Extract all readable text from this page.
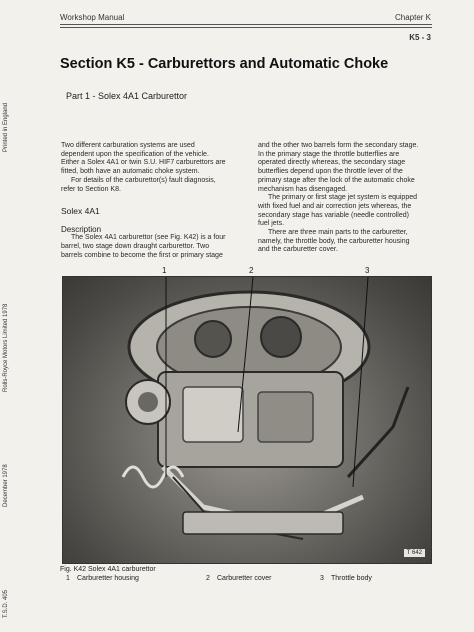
Workshop Manual	Chapter K
K5 - 3
Section K5 - Carburettors and Automatic Choke
Part 1 - Solex 4A1 Carburettor
Printed in England
Rolls-Royce Motors Limited 1978
December 1978
T.S.D. 405

Two different carburation systems are used
dependent upon the specification of the vehicle.
Either a Solex 4A1 or twin S.U. HIF7 carburettors are
fitted, both have an automatic choke system.

For details of the carburettor(s) fault diagnosis,
refer to Section K8.

Solex 4A1
Description

The Solex 4A1 carburettor (see Fig. K42) is a four
barrel, two stage down draught carburettor. Two
barrels combine to become the first or primary stage

and the other two barrels form the secondary stage.
In the primary stage the throttle butterflies are
operated directly whereas, the secondary stage
butterflies depend upon the throttle lever of the
primary stage after the lock of the automatic choke
mechanism has disengaged.

The primary or first stage jet system is equipped
with fixed fuel and air correction jets whereas, the
secondary stage has variable (needle controlled)
fuel jets.

There are three main parts to the carburetter,
namely, the throttle body, the carburetter housing
and the carburetter cover.

1	2	3
T 642
Fig. K42 Solex 4A1 carburettor
1 Carburetter housing	2 Carburetter cover	3 Throttle body
